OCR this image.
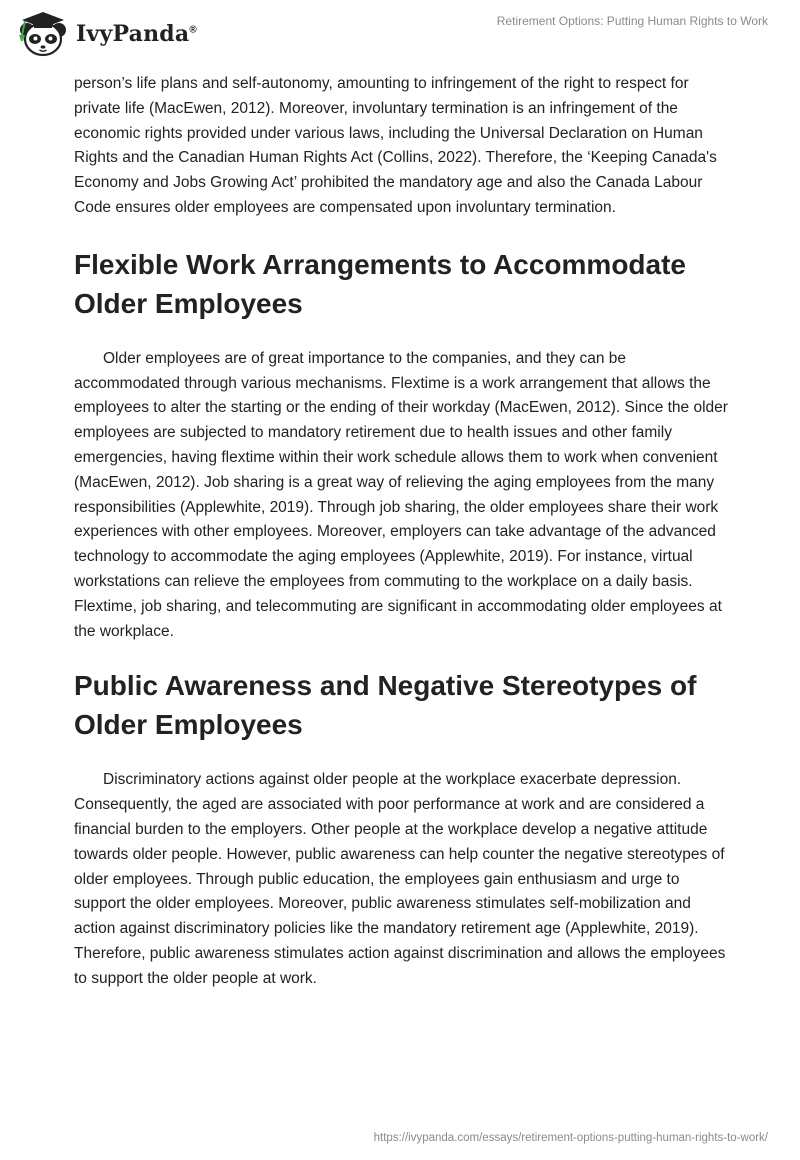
IvyPanda®
Retirement Options: Putting Human Rights to Work

person’s life plans and self-autonomy, amounting to infringement of the right to respect for private life (MacEwen, 2012). Moreover, involuntary termination is an infringement of the economic rights provided under various laws, including the Universal Declaration on Human Rights and the Canadian Human Rights Act (Collins, 2022). Therefore, the ‘Keeping Canada's Economy and Jobs Growing Act’ prohibited the mandatory age and also the Canada Labour Code ensures older employees are compensated upon involuntary termination.

Flexible Work Arrangements to Accommodate Older Employees

Older employees are of great importance to the companies, and they can be accommodated through various mechanisms. Flextime is a work arrangement that allows the employees to alter the starting or the ending of their workday (MacEwen, 2012). Since the older employees are subjected to mandatory retirement due to health issues and other family emergencies, having flextime within their work schedule allows them to work when convenient (MacEwen, 2012). Job sharing is a great way of relieving the aging employees from the many responsibilities (Applewhite, 2019). Through job sharing, the older employees share their work experiences with other employees. Moreover, employers can take advantage of the advanced technology to accommodate the aging employees (Applewhite, 2019). For instance, virtual workstations can relieve the employees from commuting to the workplace on a daily basis. Flextime, job sharing, and telecommuting are significant in accommodating older employees at the workplace.

Public Awareness and Negative Stereotypes of Older Employees

Discriminatory actions against older people at the workplace exacerbate depression. Consequently, the aged are associated with poor performance at work and are considered a financial burden to the employers. Other people at the workplace develop a negative attitude towards older people. However, public awareness can help counter the negative stereotypes of older employees. Through public education, the employees gain enthusiasm and urge to support the older employees. Moreover, public awareness stimulates self-mobilization and action against discriminatory policies like the mandatory retirement age (Applewhite, 2019). Therefore, public awareness stimulates action against discrimination and allows the employees to support the older people at work.

https://ivypanda.com/essays/retirement-options-putting-human-rights-to-work/
